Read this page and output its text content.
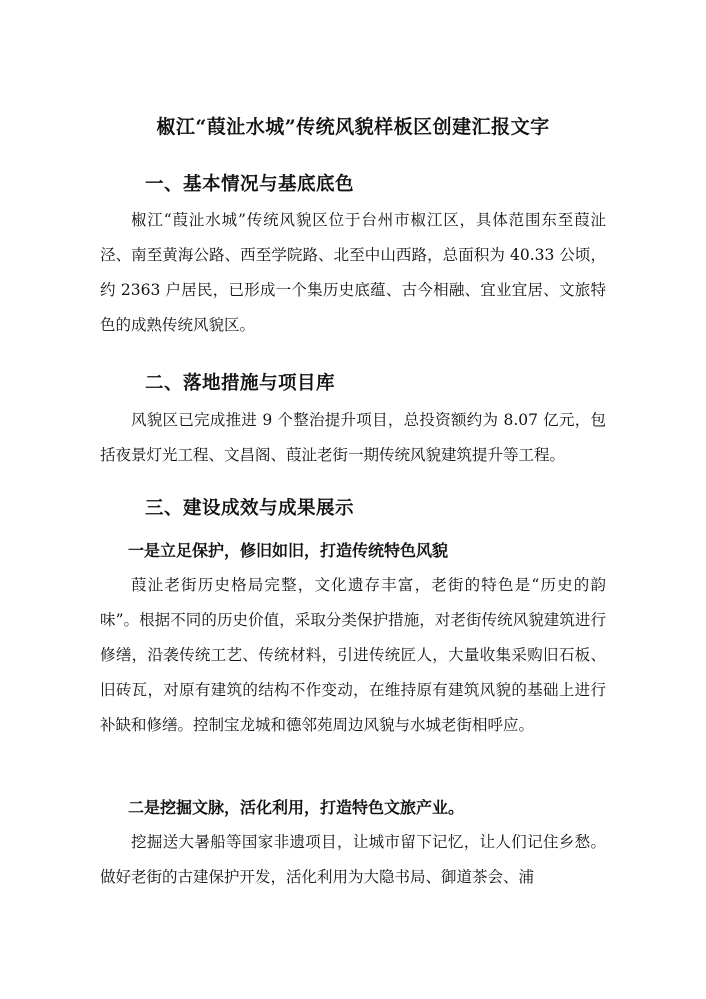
椒江“葭沚水城”传统风貌样板区创建汇报文字
一、基本情况与基底底色
椒江“葭沚水城”传统风貌区位于台州市椒江区，具体范围东至葭沚泾、南至黄海公路、西至学院路、北至中山西路，总面积为 40.33 公顷，约 2363 户居民，已形成一个集历史底蕴、古今相融、宜业宜居、文旅特色的成熟传统风貌区。
二、落地措施与项目库
风貌区已完成推进 9 个整治提升项目，总投资额约为 8.07 亿元，包括夜景灯光工程、文昌阁、葭沚老街一期传统风貌建筑提升等工程。
三、建设成效与成果展示
一是立足保护，修旧如旧，打造传统特色风貌
葭沚老街历史格局完整，文化遗存丰富，老街的特色是“历史的韵味”。根据不同的历史价值，采取分类保护措施，对老街传统风貌建筑进行修缮，沿袭传统工艺、传统材料，引进传统匠人，大量收集采购旧石板、旧砖瓦，对原有建筑的结构不作变动，在维持原有建筑风貌的基础上进行补缺和修缮。控制宝龙城和德邻苑周边风貌与水城老街相呼应。
二是挖掘文脉，活化利用，打造特色文旅产业。
挖掘送大暑船等国家非遗项目，让城市留下记忆，让人们记住乡愁。做好老街的古建保护开发，活化利用为大隐书局、御道茶会、浦
